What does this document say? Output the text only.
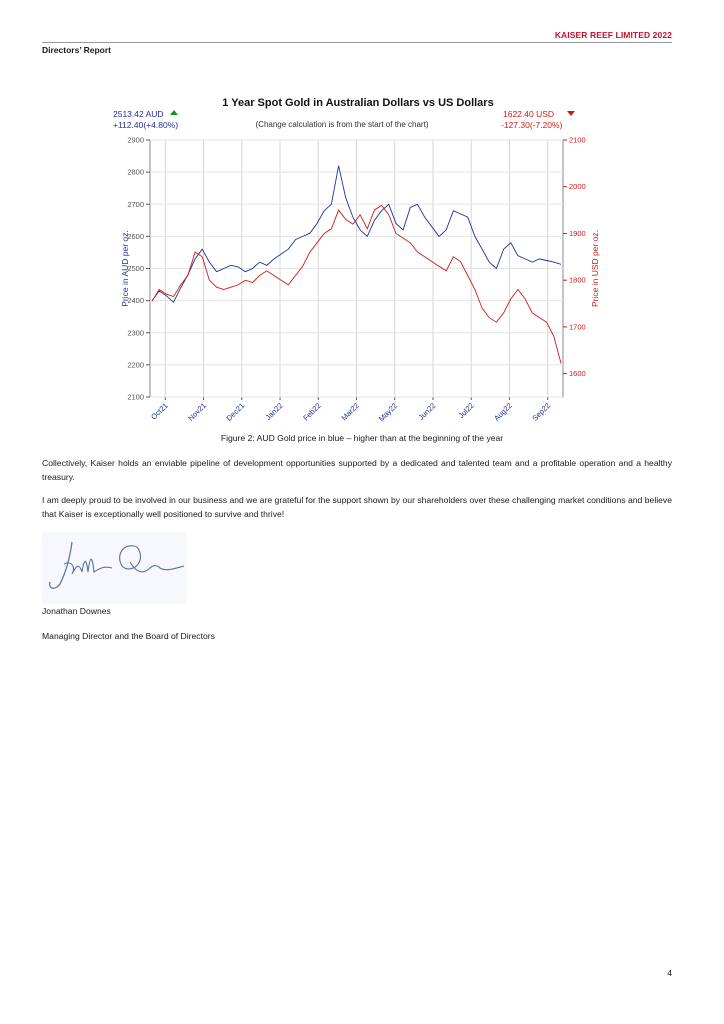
KAISER REEF LIMITED 2022
Directors’ Report
Oct21 Nov21 Dec21 Jan22 Feb22 Mar22 May22 Jun22	Jul22 Aug22 Sep22
2900
2800
2700
2600
2500
2400
2300
2200
2100
2100
2000
1900
1800
1700
1600
Price in AUD per oz.	Price in USD per oz.
1 Year Spot Gold in Australian Dollars vs US Dollars
(Change calculation is from the start of the chart)
2513.42 AUD
+112.40(+4.80%)
1622.40 USD
-127.30(-7.20%)
Figure 2: AUD Gold price in blue – higher than at the beginning of the year
Collectively, Kaiser holds an enviable pipeline of development opportunities supported by a dedicated and talented team and a profitable operation and a healthy treasury.
I am deeply proud to be involved in our business and we are grateful for the support shown by our shareholders over these challenging market conditions and believe that Kaiser is exceptionally well positioned to survive and thrive!
Jonathan Downes
Managing Director and the Board of Directors
4
